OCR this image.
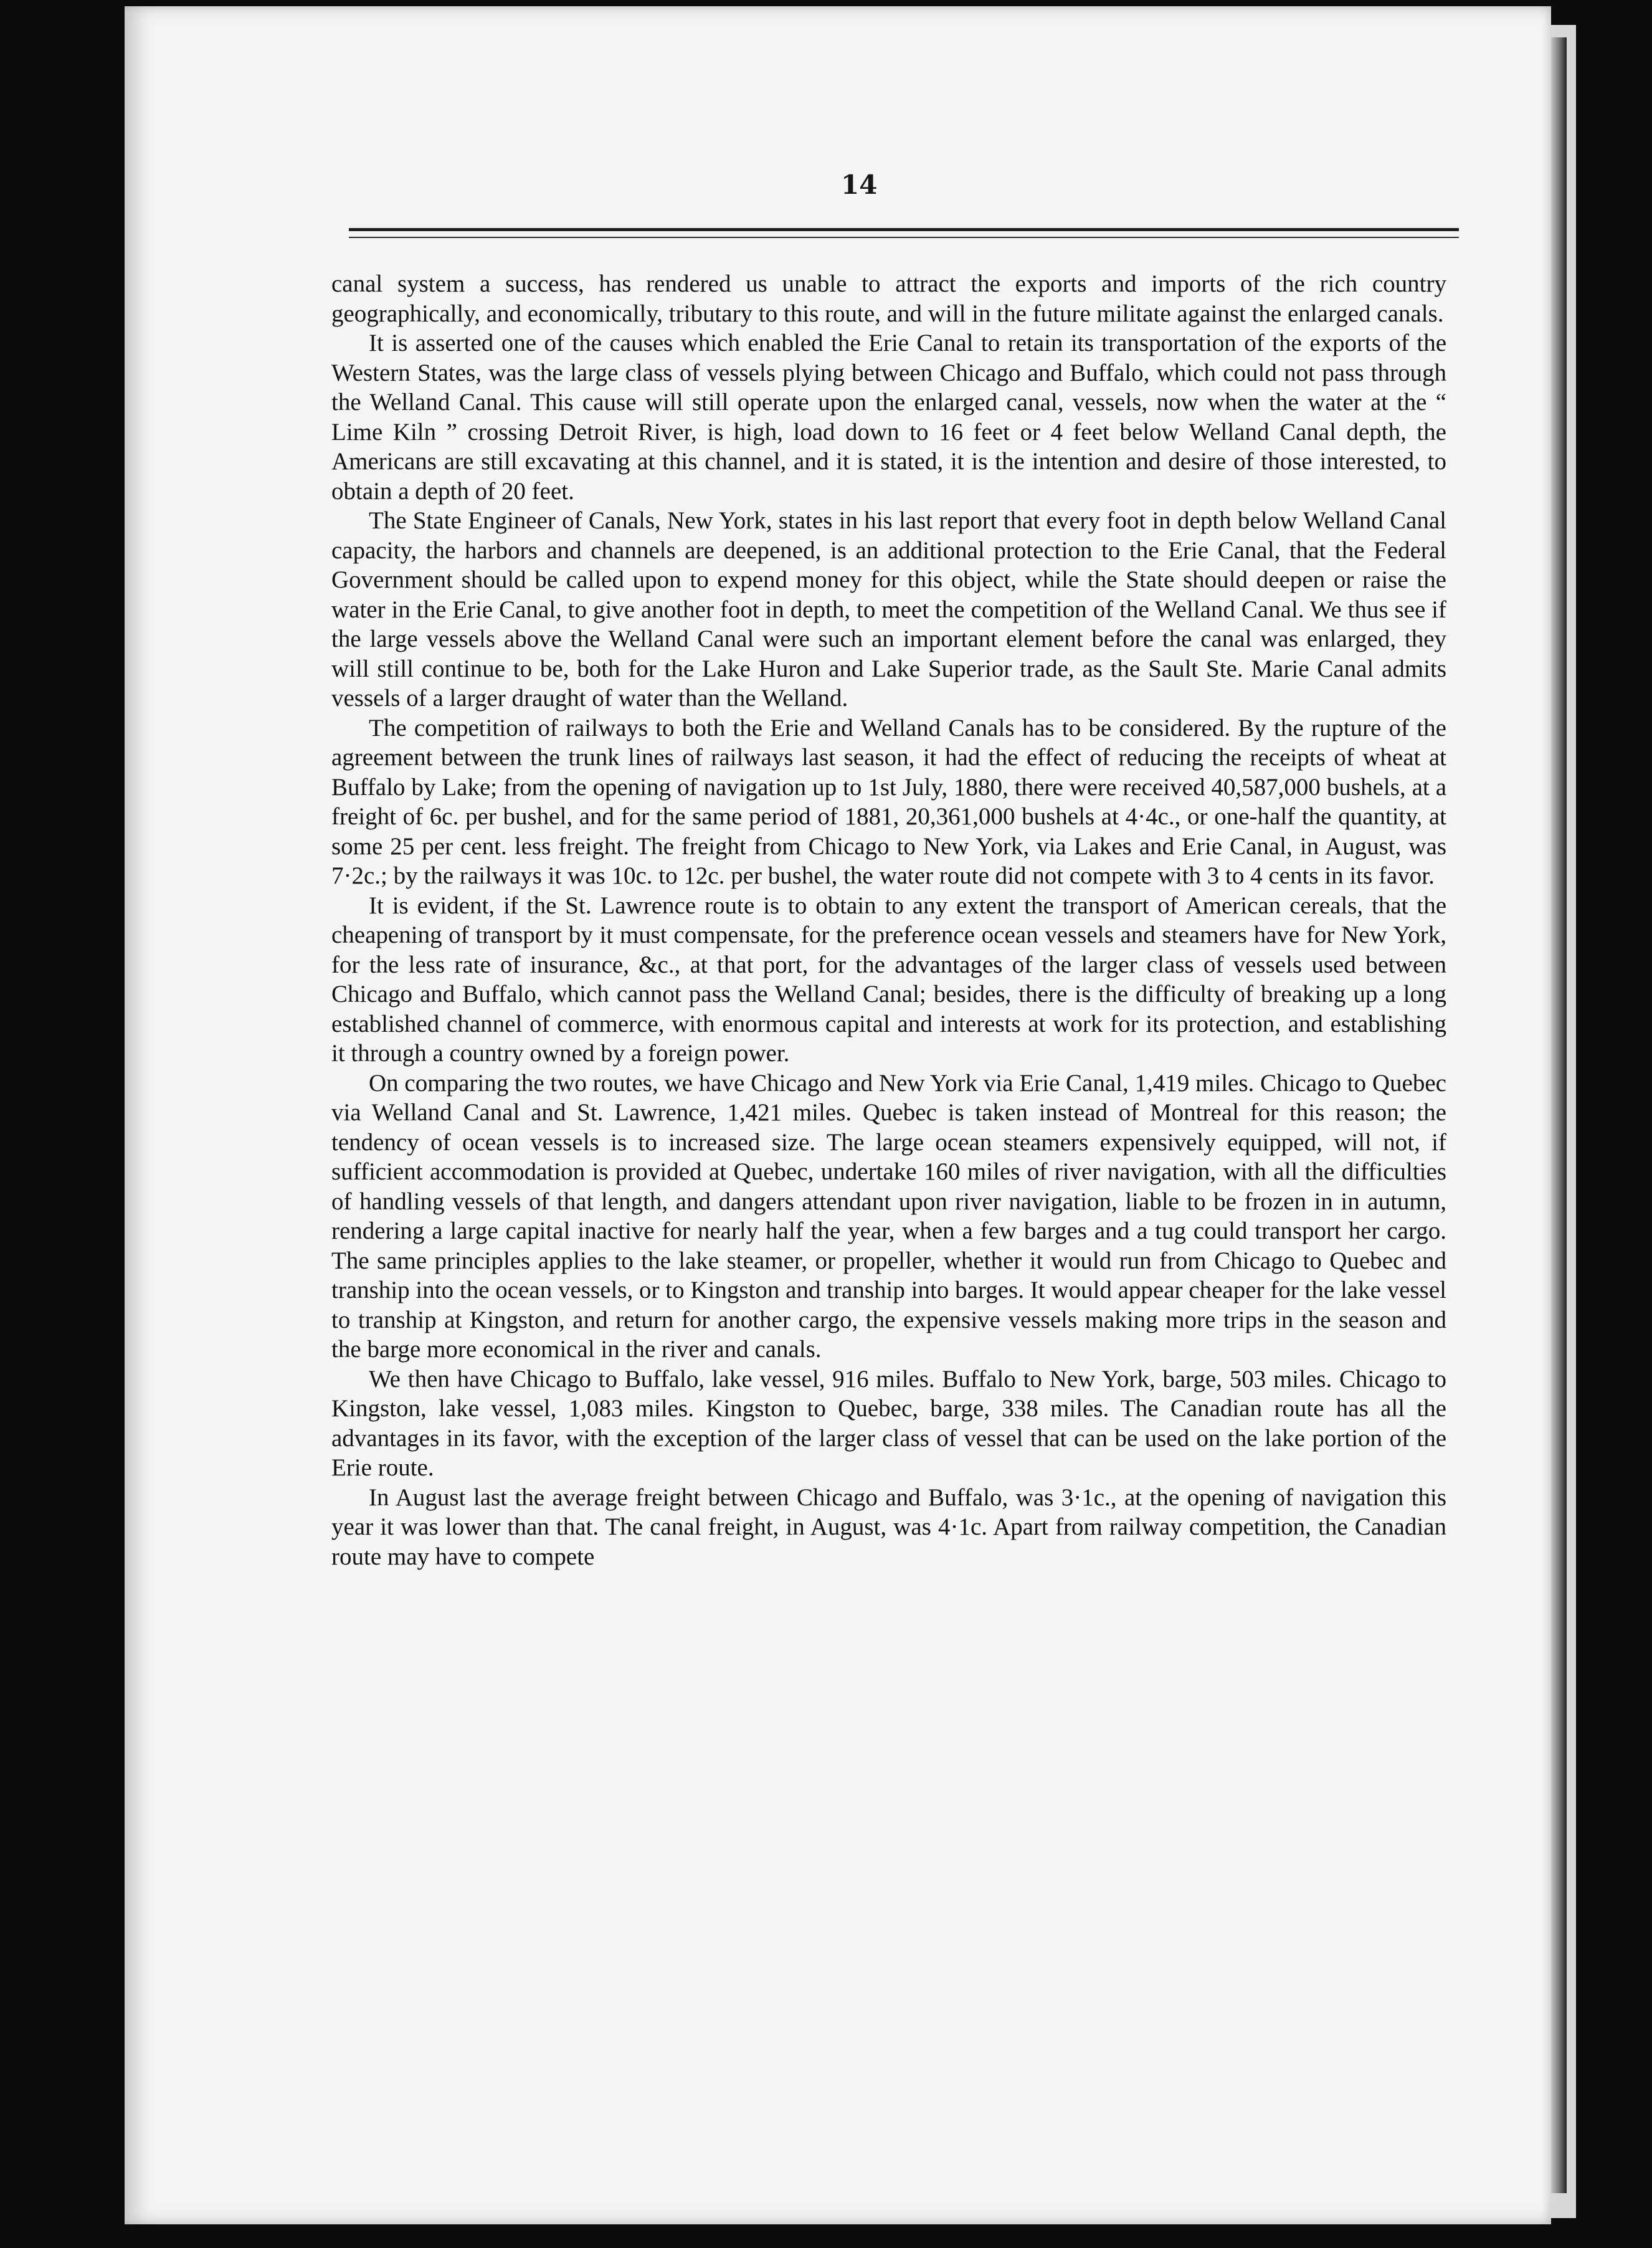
14

canal system a success, has rendered us unable to attract the exports and imports of the rich country geographically, and economically, tributary to this route, and will in the future militate against the enlarged canals.

It is asserted one of the causes which enabled the Erie Canal to retain its transportation of the exports of the Western States, was the large class of vessels plying between Chicago and Buffalo, which could not pass through the Welland Canal. This cause will still operate upon the enlarged canal, vessels, now when the water at the “ Lime Kiln ” crossing Detroit River, is high, load down to 16 feet or 4 feet below Welland Canal depth, the Americans are still excavating at this channel, and it is stated, it is the intention and desire of those interested, to obtain a depth of 20 feet.

The State Engineer of Canals, New York, states in his last report that every foot in depth below Welland Canal capacity, the harbors and channels are deepened, is an additional protection to the Erie Canal, that the Federal Government should be called upon to expend money for this object, while the State should deepen or raise the water in the Erie Canal, to give another foot in depth, to meet the competition of the Welland Canal. We thus see if the large vessels above the Welland Canal were such an important element before the canal was enlarged, they will still continue to be, both for the Lake Huron and Lake Superior trade, as the Sault Ste. Marie Canal admits vessels of a larger draught of water than the Welland.

The competition of railways to both the Erie and Welland Canals has to be considered. By the rupture of the agreement between the trunk lines of railways last season, it had the effect of reducing the receipts of wheat at Buffalo by Lake; from the opening of navigation up to 1st July, 1880, there were received 40,587,000 bushels, at a freight of 6c. per bushel, and for the same period of 1881, 20,361,000 bushels at 4·4c., or one-half the quantity, at some 25 per cent. less freight. The freight from Chicago to New York, via Lakes and Erie Canal, in August, was 7·2c.; by the railways it was 10c. to 12c. per bushel, the water route did not compete with 3 to 4 cents in its favor.

It is evident, if the St. Lawrence route is to obtain to any extent the transport of American cereals, that the cheapening of transport by it must compensate, for the preference ocean vessels and steamers have for New York, for the less rate of insurance, &c., at that port, for the advantages of the larger class of vessels used between Chicago and Buffalo, which cannot pass the Welland Canal; besides, there is the difficulty of breaking up a long established channel of commerce, with enormous capital and interests at work for its protection, and establishing it through a country owned by a foreign power.

On comparing the two routes, we have Chicago and New York via Erie Canal, 1,419 miles. Chicago to Quebec via Welland Canal and St. Lawrence, 1,421 miles. Quebec is taken instead of Montreal for this reason; the tendency of ocean vessels is to increased size. The large ocean steamers expensively equipped, will not, if sufficient accommodation is provided at Quebec, undertake 160 miles of river navigation, with all the difficulties of handling vessels of that length, and dangers attendant upon river navigation, liable to be frozen in in autumn, rendering a large capital inactive for nearly half the year, when a few barges and a tug could transport her cargo. The same principles applies to the lake steamer, or propeller, whether it would run from Chicago to Quebec and tranship into the ocean vessels, or to Kingston and tranship into barges. It would appear cheaper for the lake vessel to tranship at Kingston, and return for another cargo, the expensive vessels making more trips in the season and the barge more economical in the river and canals.

We then have Chicago to Buffalo, lake vessel, 916 miles. Buffalo to New York, barge, 503 miles. Chicago to Kingston, lake vessel, 1,083 miles. Kingston to Quebec, barge, 338 miles. The Canadian route has all the advantages in its favor, with the exception of the larger class of vessel that can be used on the lake portion of the Erie route.

In August last the average freight between Chicago and Buffalo, was 3·1c., at the opening of navigation this year it was lower than that. The canal freight, in August, was 4·1c. Apart from railway competition, the Canadian route may have to compete
